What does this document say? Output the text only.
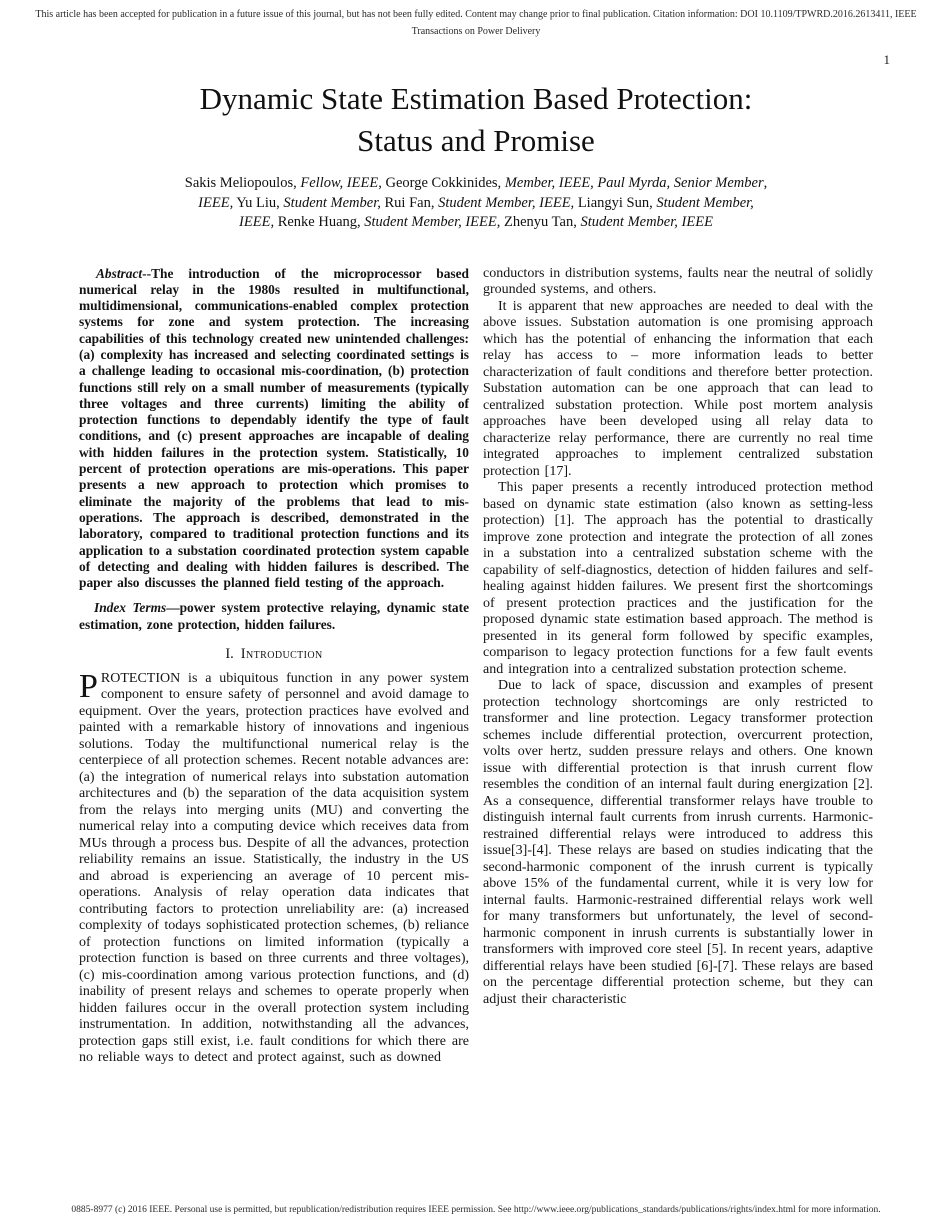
This article has been accepted for publication in a future issue of this journal, but has not been fully edited. Content may change prior to final publication. Citation information: DOI 10.1109/TPWRD.2016.2613411, IEEE
Transactions on Power Delivery
1
Dynamic State Estimation Based Protection:
Status and Promise
Sakis Meliopoulos, Fellow, IEEE, George Cokkinides, Member, IEEE, Paul Myrda, Senior Member,
IEEE, Yu Liu, Student Member, Rui Fan, Student Member, IEEE, Liangyi Sun, Student Member,
IEEE, Renke Huang, Student Member, IEEE, Zhenyu Tan, Student Member, IEEE

Abstract--The introduction of the microprocessor based numerical relay in the 1980s resulted in multifunctional, multidimensional, communications-enabled complex protection systems for zone and system protection. The increasing capabilities of this technology created new unintended challenges: (a) complexity has increased and selecting coordinated settings is a challenge leading to occasional mis-coordination, (b) protection functions still rely on a small number of measurements (typically three voltages and three currents) limiting the ability of protection functions to dependably identify the type of fault conditions, and (c) present approaches are incapable of dealing with hidden failures in the protection system. Statistically, 10 percent of protection operations are mis-operations. This paper presents a new approach to protection which promises to eliminate the majority of the problems that lead to mis-operations. The approach is described, demonstrated in the laboratory, compared to traditional protection functions and its application to a substation coordinated protection system capable of detecting and dealing with hidden failures is described. The paper also discusses the planned field testing of the approach.

Index Terms—power system protective relaying, dynamic state estimation, zone protection, hidden failures.

I. Introduction

PROTECTION is a ubiquitous function in any power system component to ensure safety of personnel and avoid damage to equipment. Over the years, protection practices have evolved and painted with a remarkable history of innovations and ingenious solutions. Today the multifunctional numerical relay is the centerpiece of all protection schemes. Recent notable advances are: (a) the integration of numerical relays into substation automation architectures and (b) the separation of the data acquisition system from the relays into merging units (MU) and converting the numerical relay into a computing device which receives data from MUs through a process bus. Despite of all the advances, protection reliability remains an issue. Statistically, the industry in the US and abroad is experiencing an average of 10 percent mis-operations. Analysis of relay operation data indicates that contributing factors to protection unreliability are: (a) increased complexity of todays sophisticated protection schemes, (b) reliance of protection functions on limited information (typically a protection function is based on three currents and three voltages), (c) mis-coordination among various protection functions, and (d) inability of present relays and schemes to operate properly when hidden failures occur in the overall protection system including instrumentation. In addition, notwithstanding all the advances, protection gaps still exist, i.e. fault conditions for which there are no reliable ways to detect and protect against, such as downed

conductors in distribution systems, faults near the neutral of solidly grounded systems, and others.

It is apparent that new approaches are needed to deal with the above issues. Substation automation is one promising approach which has the potential of enhancing the information that each relay has access to – more information leads to better characterization of fault conditions and therefore better protection. Substation automation can be one approach that can lead to centralized substation protection. While post mortem analysis approaches have been developed using all relay data to characterize relay performance, there are currently no real time integrated approaches to implement centralized substation protection [17].

This paper presents a recently introduced protection method based on dynamic state estimation (also known as setting-less protection) [1]. The approach has the potential to drastically improve zone protection and integrate the protection of all zones in a substation into a centralized substation scheme with the capability of self-diagnostics, detection of hidden failures and self-healing against hidden failures. We present first the shortcomings of present protection practices and the justification for the proposed dynamic state estimation based approach. The method is presented in its general form followed by specific examples, comparison to legacy protection functions for a few fault events and integration into a centralized substation protection scheme.

Due to lack of space, discussion and examples of present protection technology shortcomings are only restricted to transformer and line protection. Legacy transformer protection schemes include differential protection, overcurrent protection, volts over hertz, sudden pressure relays and others. One known issue with differential protection is that inrush current flow resembles the condition of an internal fault during energization [2]. As a consequence, differential transformer relays have trouble to distinguish internal fault currents from inrush currents. Harmonic-restrained differential relays were introduced to address this issue[3]-[4]. These relays are based on studies indicating that the second-harmonic component of the inrush current is typically above 15% of the fundamental current, while it is very low for internal faults. Harmonic-restrained differential relays work well for many transformers but unfortunately, the level of second-harmonic component in inrush currents is substantially lower in transformers with improved core steel [5]. In recent years, adaptive differential relays have been studied [6]-[7]. These relays are based on the percentage differential protection scheme, but they can adjust their characteristic

0885-8977 (c) 2016 IEEE. Personal use is permitted, but republication/redistribution requires IEEE permission. See http://www.ieee.org/publications_standards/publications/rights/index.html for more information.
